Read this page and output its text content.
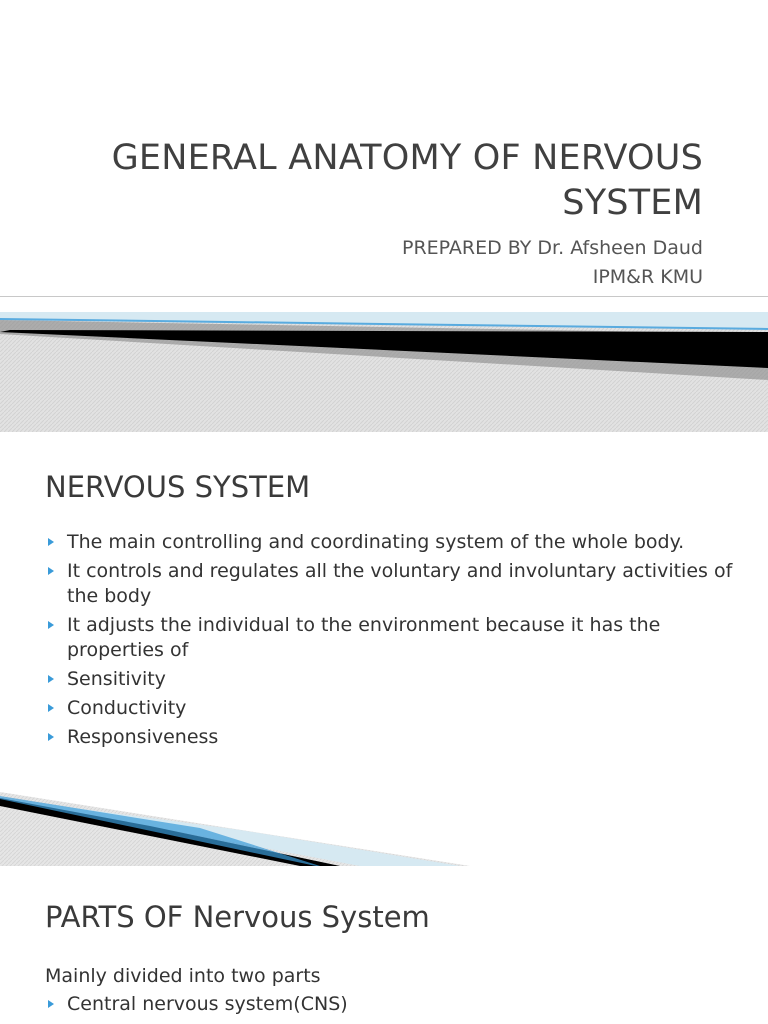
GENERAL ANATOMY OF NERVOUS
SYSTEM
PREPARED BY Dr. Afsheen Daud
IPM&R KMU
NERVOUS SYSTEM
The main controlling and coordinating system of the whole body.
It controls and regulates all the voluntary and involuntary activities of the body
It adjusts the individual to the environment because it has the properties of
Sensitivity
Conductivity
Responsiveness
PARTS OF Nervous System
Mainly divided into two parts
Central nervous system(CNS)
